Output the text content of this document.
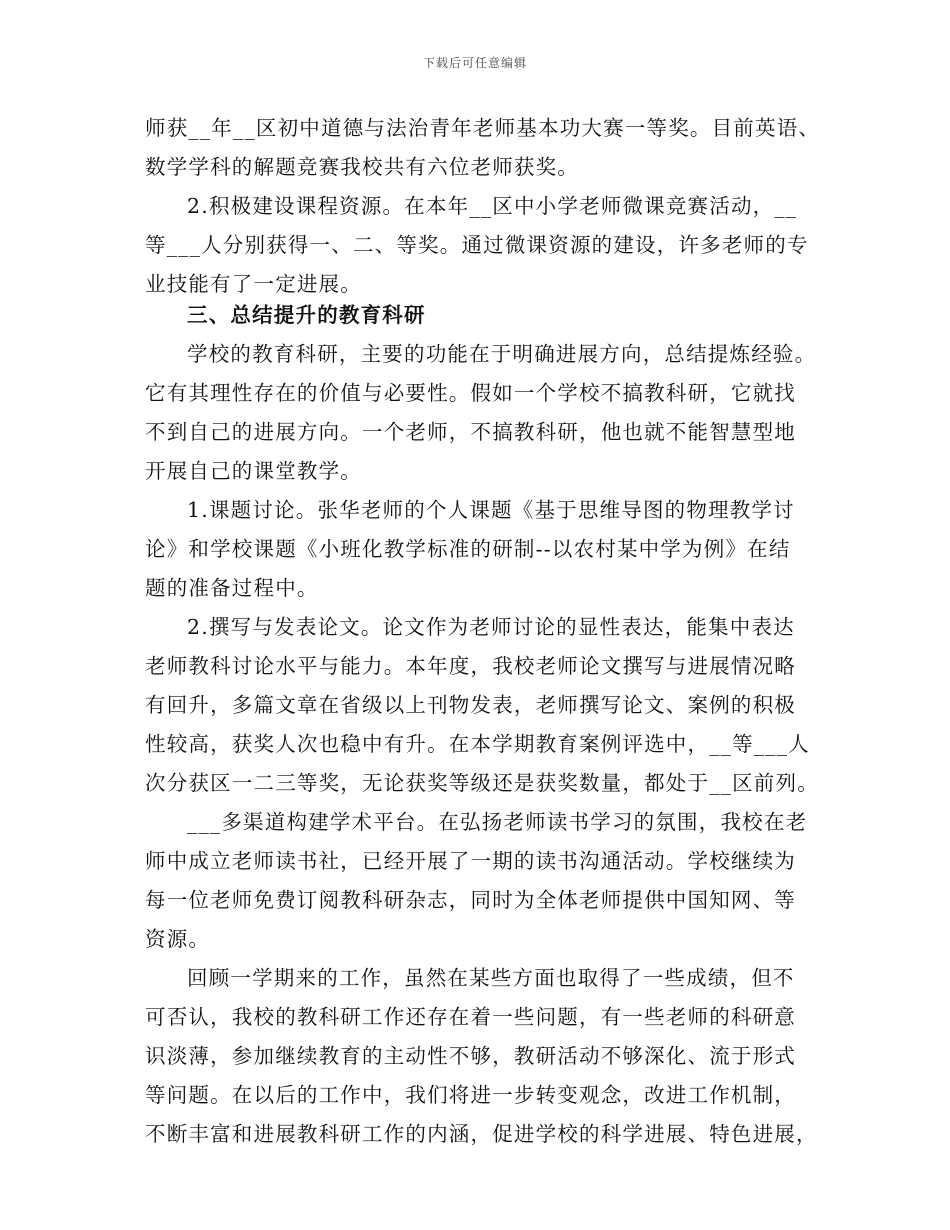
下载后可任意编辑
师获__年__区初中道德与法治青年老师基本功大赛一等奖。目前英语、
数学学科的解题竞赛我校共有六位老师获奖。
2.积极建设课程资源。在本年__区中小学老师微课竞赛活动，__
等___人分别获得一、二、等奖。通过微课资源的建设，许多老师的专
业技能有了一定进展。
三、总结提升的教育科研
学校的教育科研，主要的功能在于明确进展方向，总结提炼经验。
它有其理性存在的价值与必要性。假如一个学校不搞教科研，它就找
不到自己的进展方向。一个老师，不搞教科研，他也就不能智慧型地
开展自己的课堂教学。
1.课题讨论。张华老师的个人课题《基于思维导图的物理教学讨
论》和学校课题《小班化教学标准的研制--以农村某中学为例》在结
题的准备过程中。
2.撰写与发表论文。论文作为老师讨论的显性表达，能集中表达
老师教科讨论水平与能力。本年度，我校老师论文撰写与进展情况略
有回升，多篇文章在省级以上刊物发表，老师撰写论文、案例的积极
性较高，获奖人次也稳中有升。在本学期教育案例评选中，__等___人
次分获区一二三等奖，无论获奖等级还是获奖数量，都处于__区前列。
___多渠道构建学术平台。在弘扬老师读书学习的氛围，我校在老
师中成立老师读书社，已经开展了一期的读书沟通活动。学校继续为
每一位老师免费订阅教科研杂志，同时为全体老师提供中国知网、等
资源。
回顾一学期来的工作，虽然在某些方面也取得了一些成绩，但不
可否认，我校的教科研工作还存在着一些问题，有一些老师的科研意
识淡薄，参加继续教育的主动性不够，教研活动不够深化、流于形式
等问题。在以后的工作中，我们将进一步转变观念，改进工作机制，
不断丰富和进展教科研工作的内涵，促进学校的科学进展、特色进展，
